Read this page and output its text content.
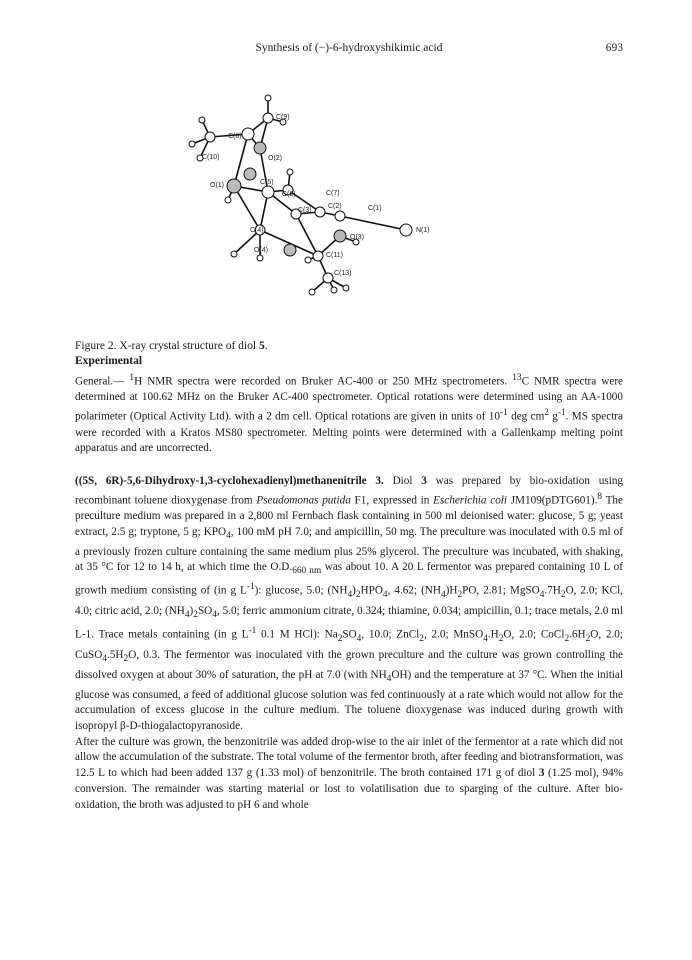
Synthesis of (−)-6-hydroxyshikimic acid	693
C(9)
C(8)
C(10)	O(2)
O(1)	C(5)
C(6)	C(7)
C(2)
C(3)	C(1)
N(1)
C(4)
O(3)
O(4)
C(11)
C(13)
Figure 2. X-ray crystal structure of diol 5.
Experimental

General.— $^1$H NMR spectra were recorded on Bruker AC-400 or 250 MHz spectrometers. $^{13}$C NMR spectra were determined at 100.62 MHz on the Bruker AC-400 spectrometer. Optical rotations were determined using an AA-1000 polarimeter (Optical Activity Ltd). with a 2 dm cell. Optical rotations are given in units of $10^{-1}$ deg $cm^2$ $g^{-1}$. MS spectra were recorded with a Kratos MS80 spectrometer. Melting points were determined with a Gallenkamp melting point apparatus and are uncorrected.

((5S, 6R)-5,6-Dihydroxy-1,3-cyclohexadienyl)methanenitrile 3. Diol 3 was prepared by bio-oxidation using recombinant toluene dioxygenase from Pseudomonas putida F1, expressed in Escherichia coli JM109(pDTG601).$^8$ The preculture medium was prepared in a 2,800 ml Fernbach flask containing in 500 ml deionised water: glucose, 5 g; yeast extract, 2.5 g; tryptone, 5 g; $KPO_4$, 100 mM pH 7.0; and ampicillin, 50 mg. The preculture was inoculated with 0.5 ml of a previously frozen culture containing the same medium plus 25% glycerol. The preculture was incubated, with shaking, at 35 °C for 12 to 14 h, at which time the $O.D._{660 nm}$ was about 10. A 20 L fermentor was prepared containing 10 L of growth medium consisting of (in g $L^{-1}$): glucose, 5.0; $(NH_4)_2HPO_4$, 4.62; $(NH_4)H_2PO$, 2.81; $MgSO_4.7H_2O$, 2.0; KCl, 4.0; citric acid, 2.0; $(NH_4)_2SO_4$, 5.0; ferric ammonium citrate, 0.324; thiamine, 0.034; ampicillin, 0.1; trace metals, 2.0 ml L-1. Trace metals containing (in g $L^{-1}$ 0.1 M HCl): $Na_2SO_4$, 10.0; ZnCl$_2$, 2.0; $MnSO_4.H_2O$, 2.0; $CoCl_2.6H_2O$, 2.0; $CuSO_4.5H_2O$, 0.3. The fermentor was inoculated vith the grown preculture and the culture was grown controlling the dissolved oxygen at about 30% of saturation, the pH at 7.0 (with $NH_4OH$) and the temperature at 37 °C. When the initial glucose was consumed, a feed of additional glucose solution was fed continuously at a rate which would not allow for the accumulation of excess glucose in the culture medium. The toluene dioxygenase was induced during growth with isopropyl β-D-thiogalactopyranoside.

After the culture was grown, the benzonitrile was added drop-wise to the air inlet of the fermentor at a rate which did not allow the accumulation of the substrate. The total volume of the fermentor broth, after feeding and biotransformation, was 12.5 L to which had been added 137 g (1.33 mol) of benzonitrile. The broth contained 171 g of diol 3 (1.25 mol), 94% conversion. The remainder was starting material or lost to volatilisation due to sparging of the culture. After bio-oxidation, the broth was adjusted to pH 6 and whole
